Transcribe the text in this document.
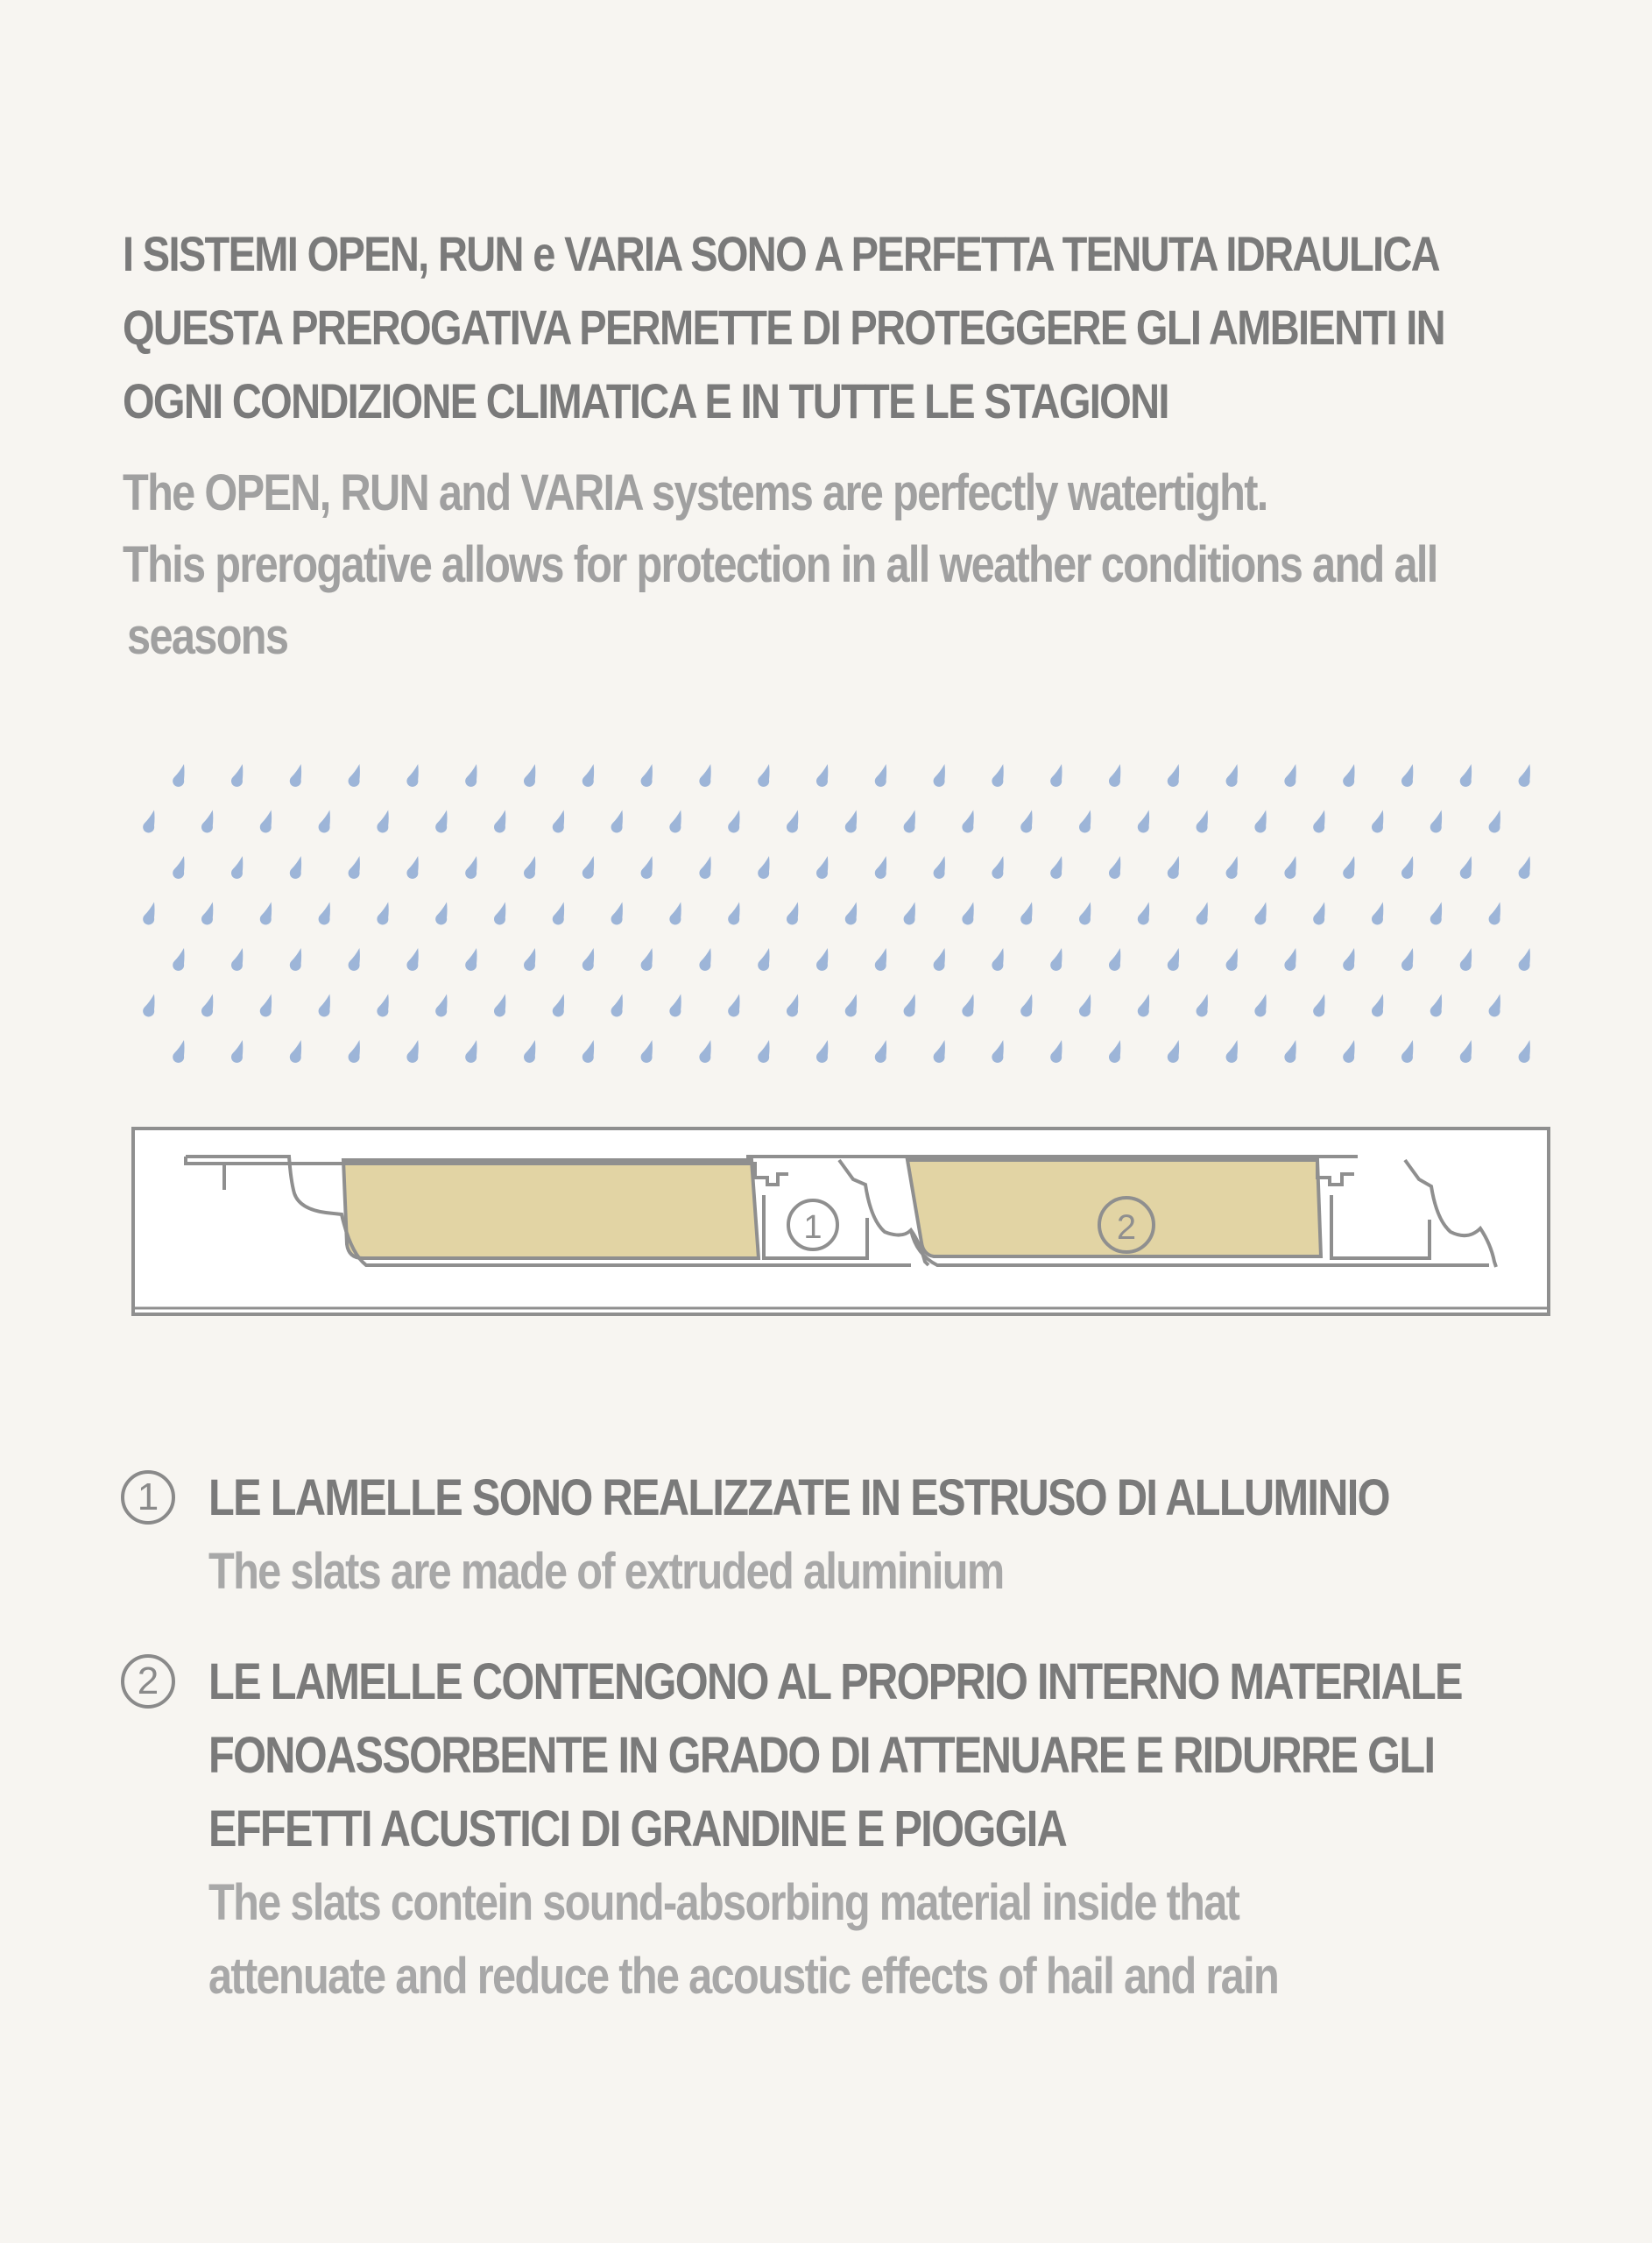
I SISTEMI OPEN, RUN e VARIA SONO A PERFETTA TENUTA IDRAULICA
QUESTA PREROGATIVA PERMETTE DI PROTEGGERE GLI AMBIENTI IN
OGNI CONDIZIONE CLIMATICA E IN TUTTE LE STAGIONI
The OPEN, RUN and VARIA systems are perfectly watertight.
This prerogative allows for protection in all weather conditions and all
seasons
1	2
1 LE LAMELLE SONO REALIZZATE IN ESTRUSO DI ALLUMINIO
The slats are made of extruded aluminium
2 LE LAMELLE CONTENGONO AL PROPRIO INTERNO MATERIALE
FONOASSORBENTE IN GRADO DI ATTENUARE E RIDURRE GLI
EFFETTI ACUSTICI DI GRANDINE E PIOGGIA
The slats contein sound-absorbing material inside that
attenuate and reduce the acoustic effects of hail and rain
